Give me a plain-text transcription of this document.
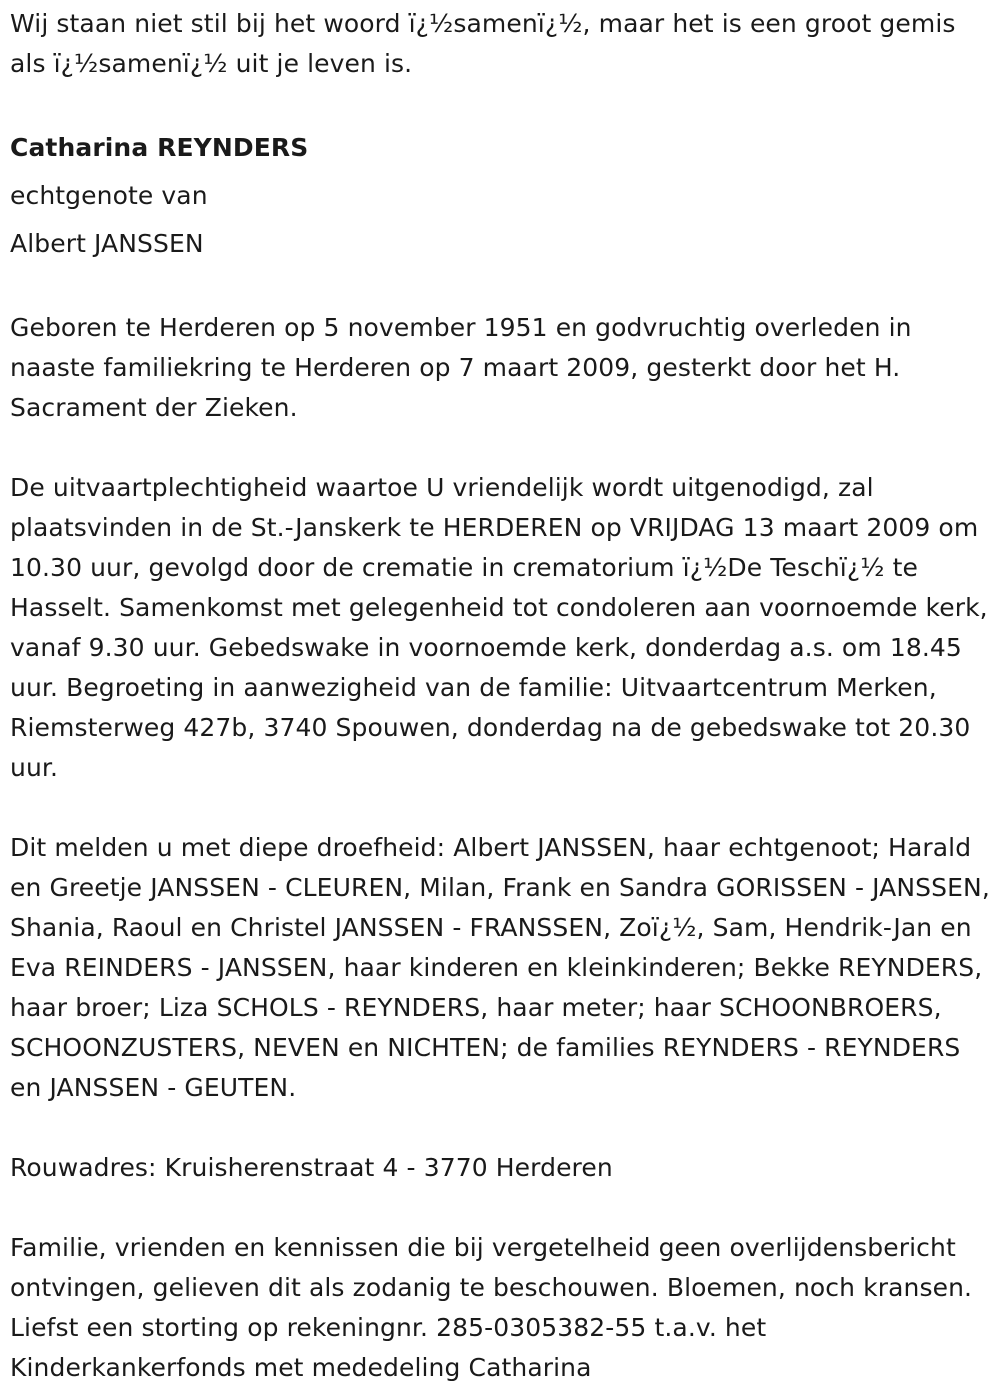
Wij staan niet stil bij het woord ï¿½samenï¿½, maar het is een groot gemis als ï¿½samenï¿½ uit je leven is.

Catharina REYNDERS

echtgenote van

Albert JANSSEN

Geboren te Herderen op 5 november 1951 en godvruchtig overleden in naaste familiekring te Herderen op 7 maart 2009, gesterkt door het H. Sacrament der Zieken.

De uitvaartplechtigheid waartoe U vriendelijk wordt uitgenodigd, zal plaatsvinden in de St.-Janskerk te HERDEREN op VRIJDAG 13 maart 2009 om 10.30 uur, gevolgd door de crematie in crematorium ï¿½De Teschï¿½ te Hasselt. Samenkomst met gelegenheid tot condoleren aan voornoemde kerk, vanaf 9.30 uur. Gebedswake in voornoemde kerk, donderdag a.s. om 18.45 uur. Begroeting in aanwezigheid van de familie: Uitvaartcentrum Merken, Riemsterweg 427b, 3740 Spouwen, donderdag na de gebedswake tot 20.30 uur.

Dit melden u met diepe droefheid: Albert JANSSEN, haar echtgenoot; Harald en Greetje JANSSEN - CLEUREN, Milan, Frank en Sandra GORISSEN - JANSSEN, Shania, Raoul en Christel JANSSEN - FRANSSEN, Zoï¿½, Sam, Hendrik-Jan en Eva REINDERS - JANSSEN, haar kinderen en kleinkinderen; Bekke REYNDERS, haar broer; Liza SCHOLS - REYNDERS, haar meter; haar SCHOONBROERS, SCHOONZUSTERS, NEVEN en NICHTEN; de families REYNDERS - REYNDERS en JANSSEN - GEUTEN.

Rouwadres: Kruisherenstraat 4 - 3770 Herderen

Familie, vrienden en kennissen die bij vergetelheid geen overlijdensbericht ontvingen, gelieven dit als zodanig te beschouwen. Bloemen, noch kransen. Liefst een storting op rekeningnr. 285-0305382-55 t.a.v. het Kinderkankerfonds met mededeling Catharina
